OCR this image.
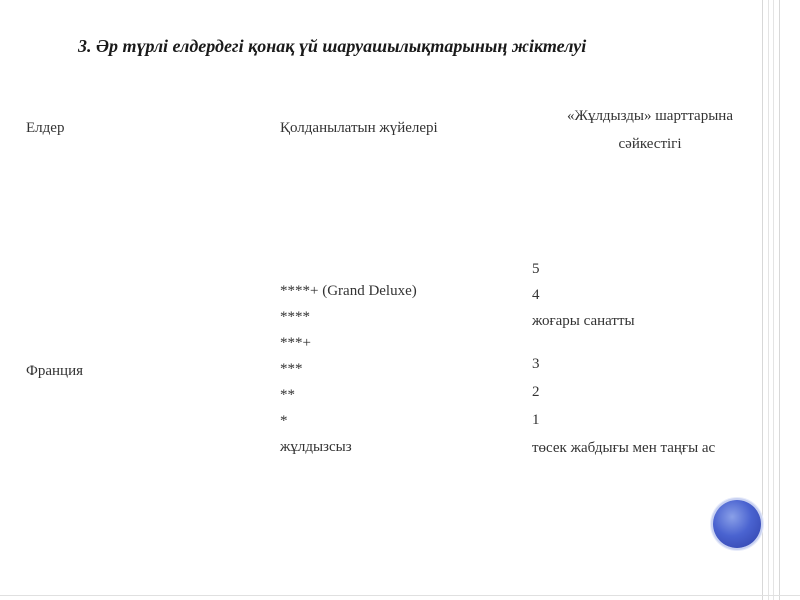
3. Әр түрлі елдердегі қонақ үй шаруашылықтарының жіктелуі
Елдер	Қолданылатын жүйелері
«Жұлдызды» шарттарына
сәйкестігі
Франция
****+ (Grand Deluxe)
****
***+
***
**
*
жұлдызсыз
5
4
жоғары санатты
3
2
1
төсек жабдығы мен таңғы ас
